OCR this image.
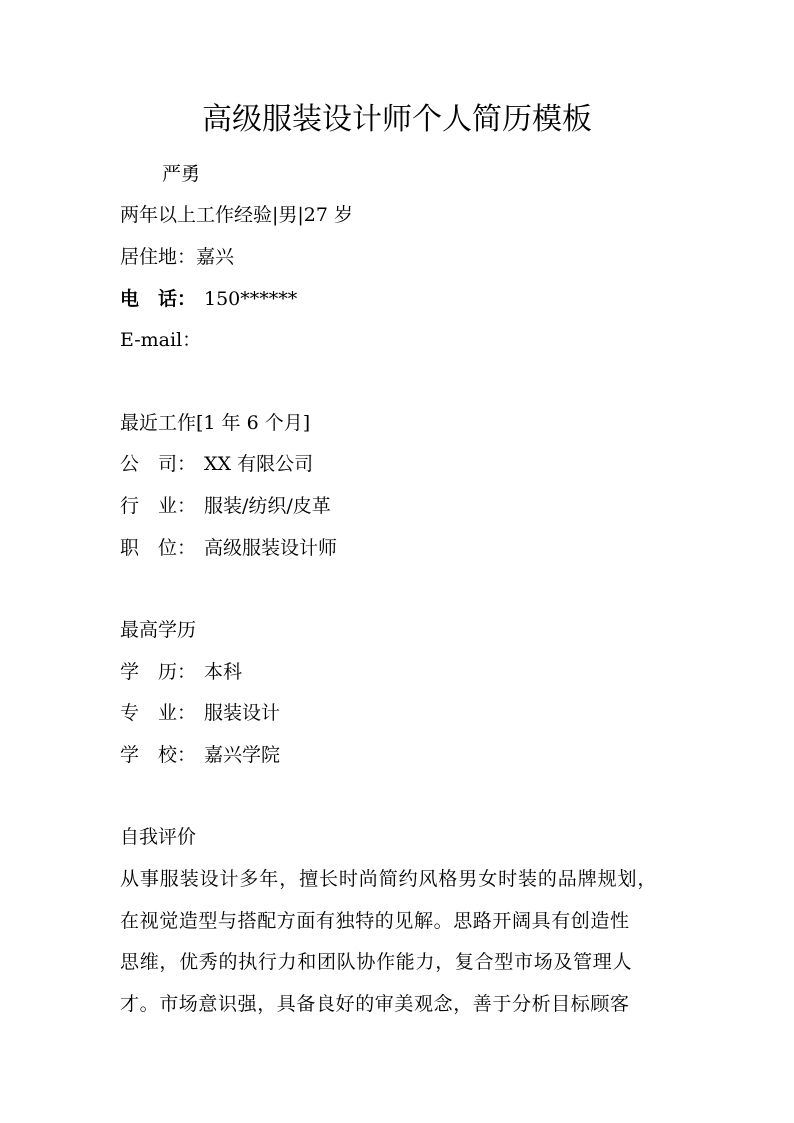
高级服装设计师个人简历模板
严勇
两年以上工作经验|男|27 岁
居住地：嘉兴
电　话： 150******
E-mail：
最近工作[1 年 6 个月]
公　司： XX 有限公司
行　业： 服装/纺织/皮革
职　位： 高级服装设计师
最高学历
学　历： 本科
专　业： 服装设计
学　校： 嘉兴学院
自我评价
从事服装设计多年，擅长时尚简约风格男女时装的品牌规划，
在视觉造型与搭配方面有独特的见解。思路开阔具有创造性
思维，优秀的执行力和团队协作能力，复合型市场及管理人
才。市场意识强，具备良好的审美观念，善于分析目标顾客
